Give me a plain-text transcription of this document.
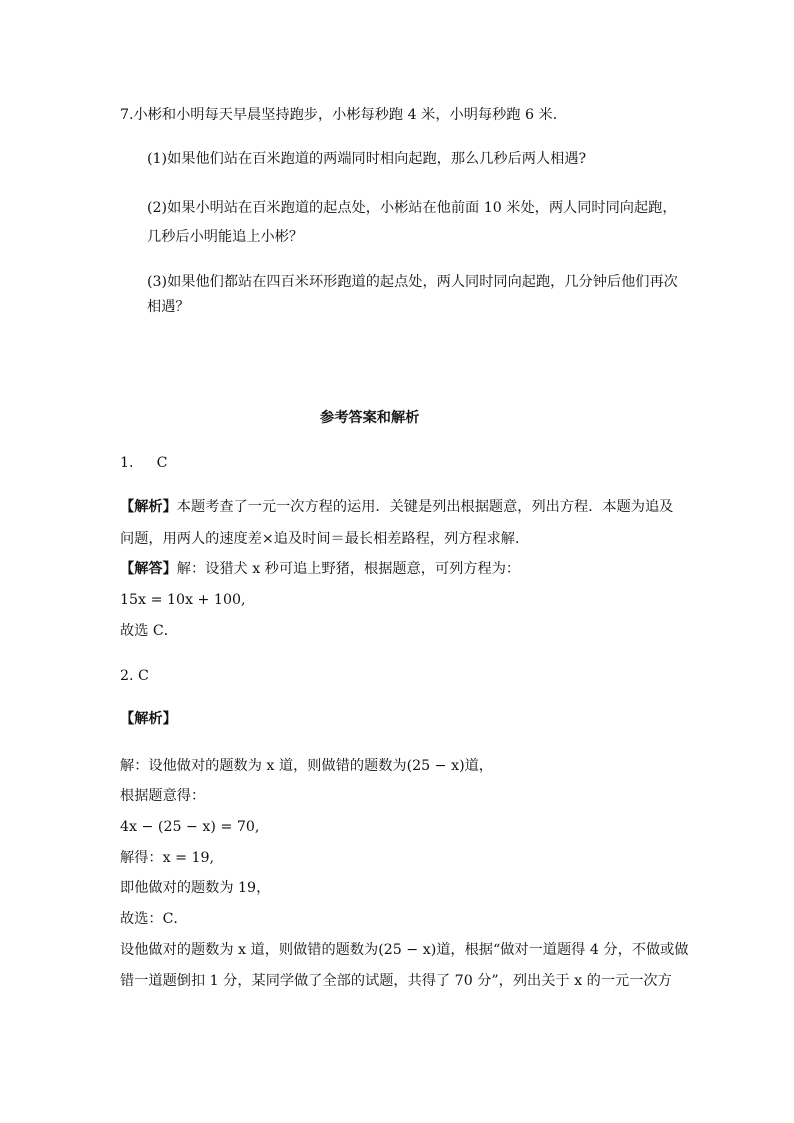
7.小彬和小明每天早晨坚持跑步，小彬每秒跑 4 米，小明每秒跑 6 米．
(1)如果他们站在百米跑道的两端同时相向起跑，那么几秒后两人相遇?
(2)如果小明站在百米跑道的起点处，小彬站在他前面 10 米处，两人同时同向起跑，
几秒后小明能追上小彬？
(3)如果他们都站在四百米环形跑道的起点处，两人同时同向起跑，几分钟后他们再次
相遇？
参考答案和解析
1. C
【解析】本题考查了一元一次方程的运用．关键是列出根据题意，列出方程．本题为追及
问题，用两人的速度差×追及时间＝最长相差路程，列方程求解．
【解答】解：设猎犬 x 秒可追上野猪，根据题意，可列方程为：
15x = 10x + 100,
故选 C．
2. C
【解析】
解：设他做对的题数为 x 道，则做错的题数为(25 − x)道，
根据题意得：
4x − (25 − x) = 70,
解得：x = 19,
即他做对的题数为 19，
故选：C．
设他做对的题数为 x 道，则做错的题数为(25 − x)道，根据“做对一道题得 4 分，不做或做
错一道题倒扣 1 分，某同学做了全部的试题，共得了 70 分”，列出关于 x 的一元一次方
